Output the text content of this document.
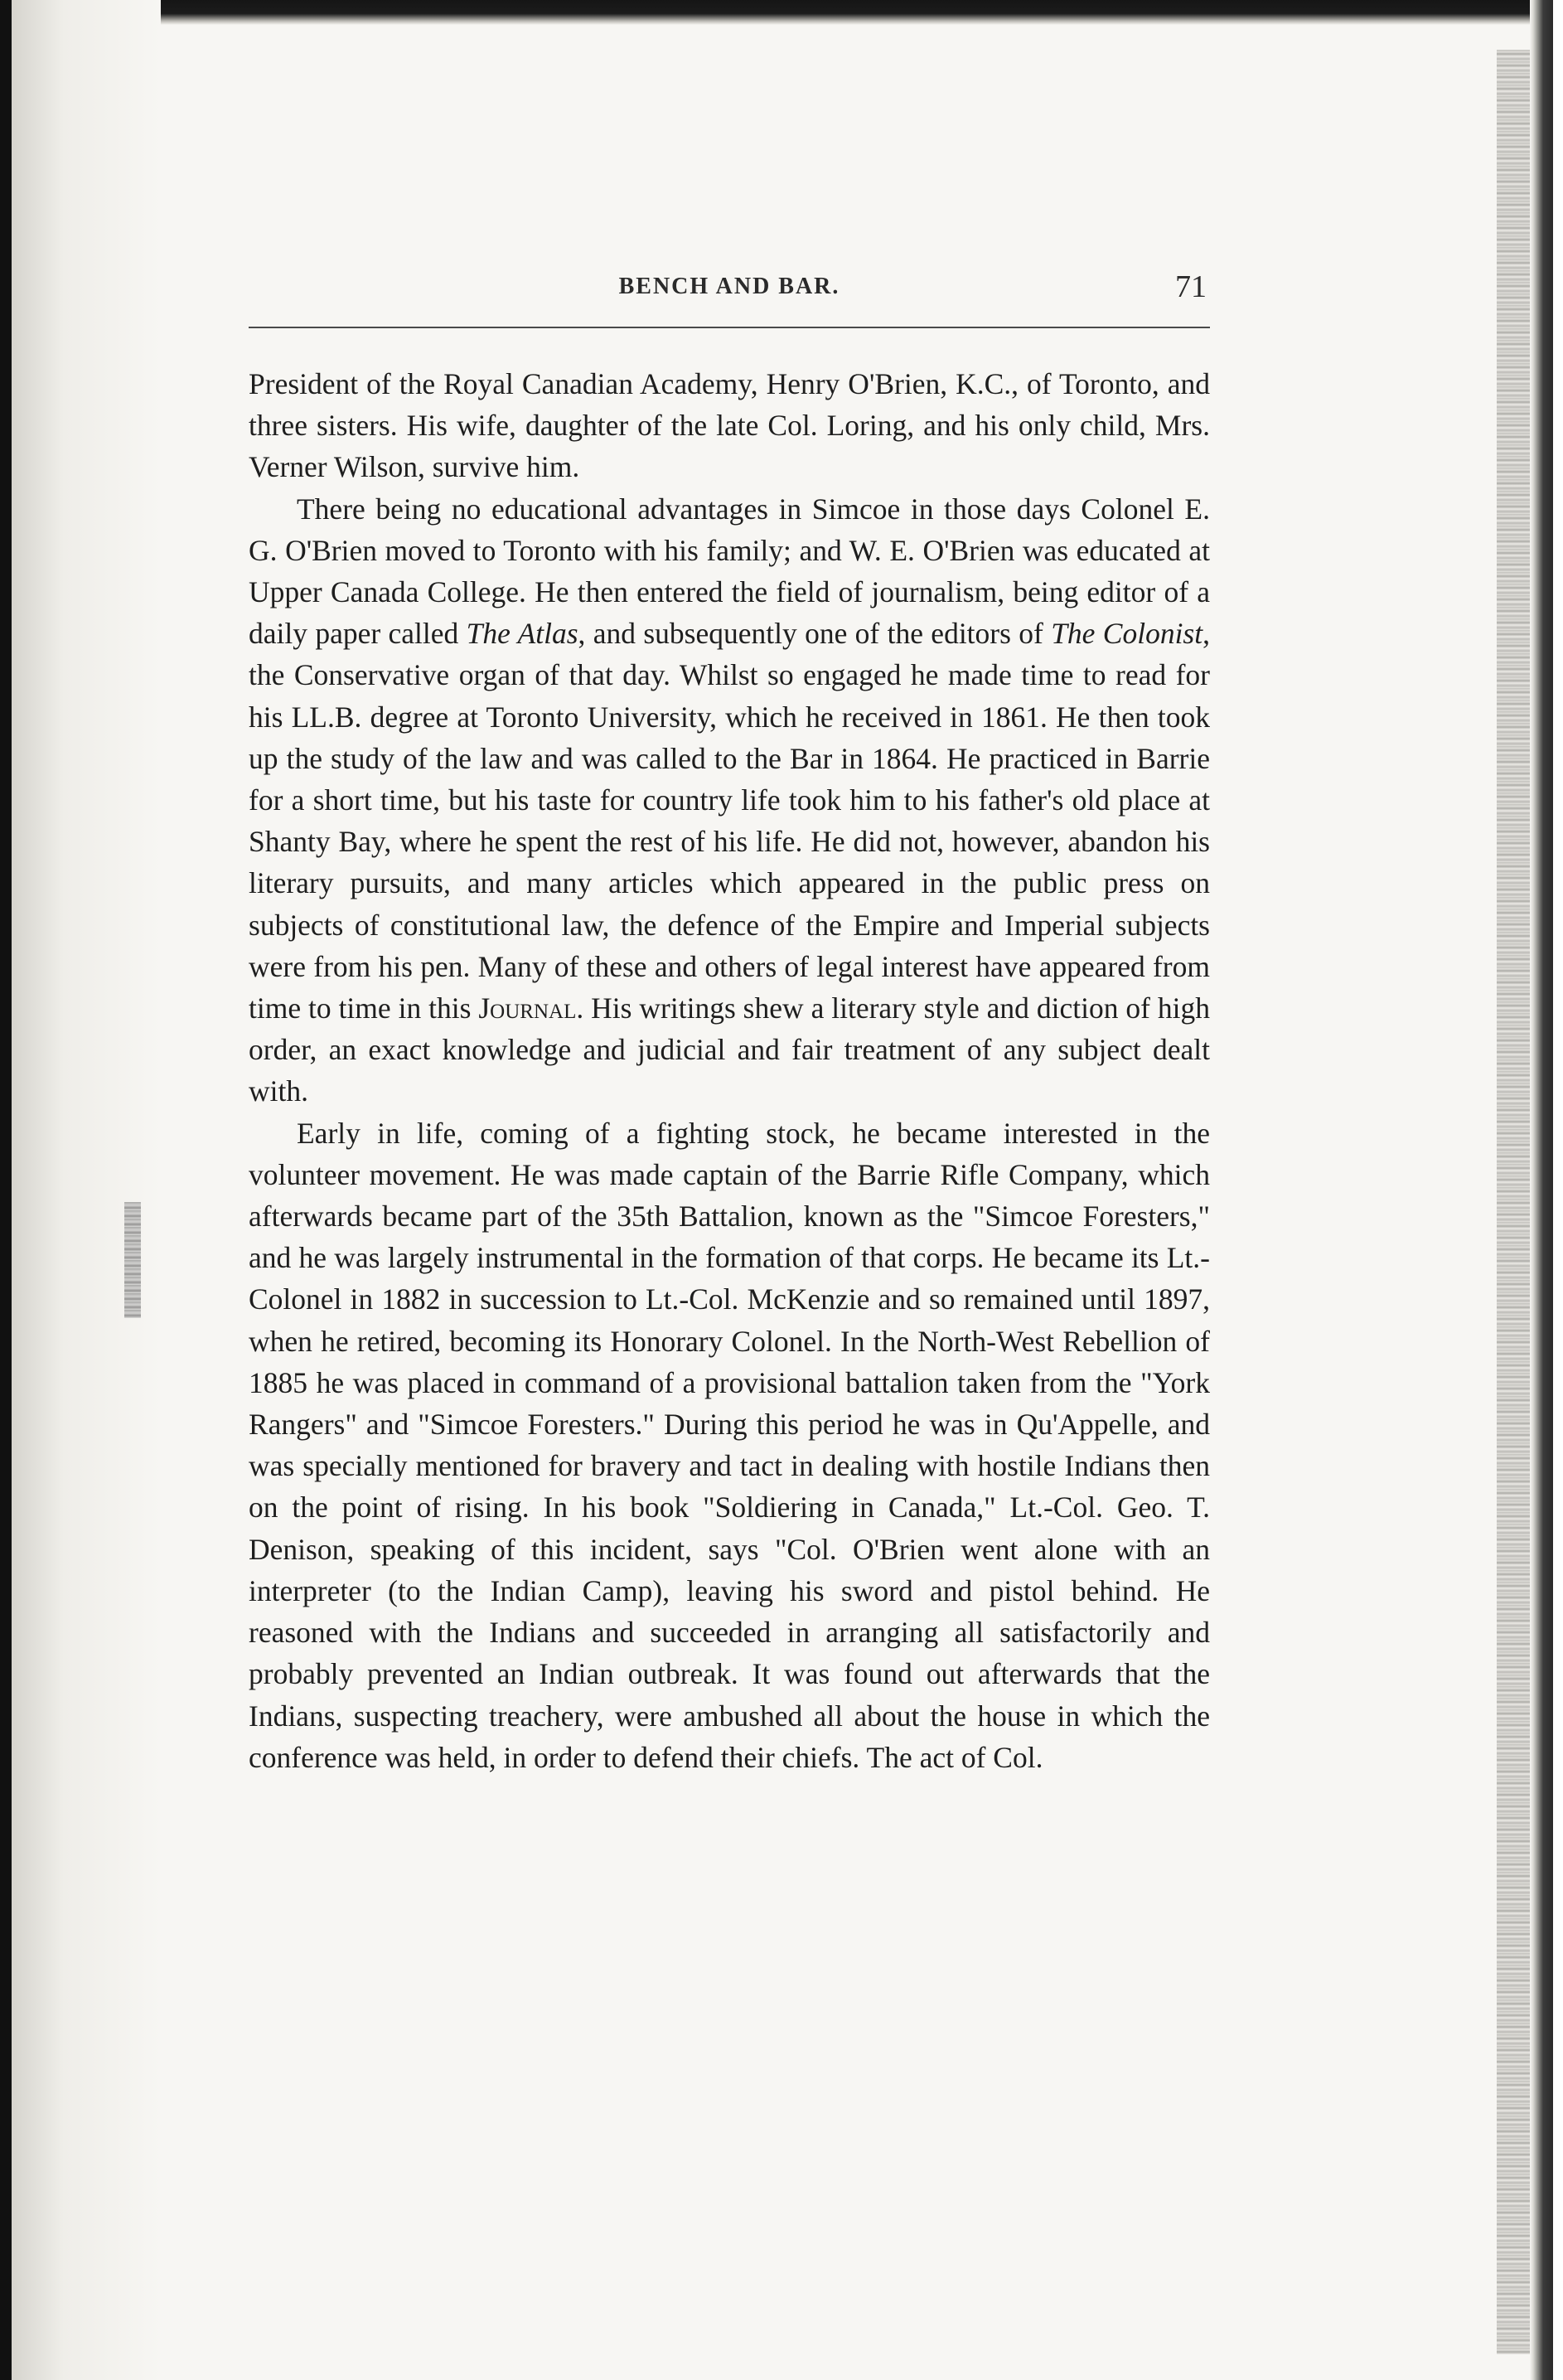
BENCH AND BAR.	71

President of the Royal Canadian Academy, Henry O'Brien, K.C., of Toronto, and three sisters. His wife, daughter of the late Col. Loring, and his only child, Mrs. Verner Wilson, survive him.

There being no educational advantages in Simcoe in those days Colonel E. G. O'Brien moved to Toronto with his family; and W. E. O'Brien was educated at Upper Canada College. He then entered the field of journalism, being editor of a daily paper called The Atlas, and subsequently one of the editors of The Colonist, the Conservative organ of that day. Whilst so engaged he made time to read for his LL.B. degree at Toronto University, which he received in 1861. He then took up the study of the law and was called to the Bar in 1864. He practiced in Barrie for a short time, but his taste for country life took him to his father's old place at Shanty Bay, where he spent the rest of his life. He did not, however, abandon his literary pursuits, and many articles which appeared in the public press on subjects of constitutional law, the defence of the Empire and Imperial subjects were from his pen. Many of these and others of legal interest have appeared from time to time in this Journal. His writings shew a literary style and diction of high order, an exact knowledge and judicial and fair treatment of any subject dealt with.

Early in life, coming of a fighting stock, he became interested in the volunteer movement. He was made captain of the Barrie Rifle Company, which afterwards became part of the 35th Battalion, known as the "Simcoe Foresters," and he was largely instrumental in the formation of that corps. He became its Lt.-Colonel in 1882 in succession to Lt.-Col. McKenzie and so remained until 1897, when he retired, becoming its Honorary Colonel. In the North-West Rebellion of 1885 he was placed in command of a provisional battalion taken from the "York Rangers" and "Simcoe Foresters." During this period he was in Qu'Appelle, and was specially mentioned for bravery and tact in dealing with hostile Indians then on the point of rising. In his book "Soldiering in Canada," Lt.-Col. Geo. T. Denison, speaking of this incident, says "Col. O'Brien went alone with an interpreter (to the Indian Camp), leaving his sword and pistol behind. He reasoned with the Indians and succeeded in arranging all satisfactorily and probably prevented an Indian outbreak. It was found out afterwards that the Indians, suspecting treachery, were ambushed all about the house in which the conference was held, in order to defend their chiefs. The act of Col.
